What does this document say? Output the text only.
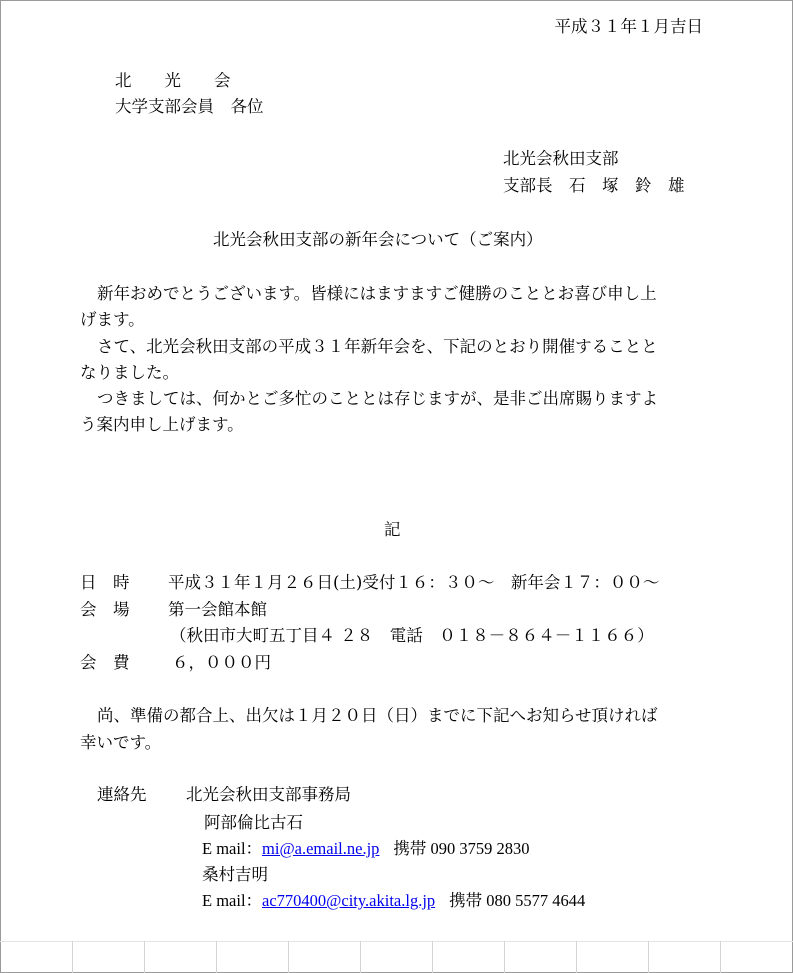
平成３１年１月吉日
北　　光　　会
大学支部会員　各位
北光会秋田支部
支部長　石　塚　鈴　雄
北光会秋田支部の新年会について（ご案内）
新年おめでとうございます。皆様にはますますご健勝のこととお喜び申し上
げます。
さて、北光会秋田支部の平成３１年新年会を、下記のとおり開催することと
なりました。
つきましては、何かとご多忙のこととは存じますが、是非ご出席賜りますよ
う案内申し上げます。
記
日　時 平成３１年１月２６日(土)受付１６：３０～　新年会１７：００～
会　場 第一会館本館
（秋田市大町五丁目４ ２８　電話　０１８－８６４－１１６６）
会　費	６，０００円
尚、準備の都合上、出欠は１月２０日（日）までに下記へお知らせ頂ければ
幸いです。
連絡先 北光会秋田支部事務局
阿部倫比古石
E mail：mi@a.email.ne.jp 携帯 090 3759 2830
桑村吉明
E mail：ac770400@city.akita.lg.jp 携帯 080 5577 4644
